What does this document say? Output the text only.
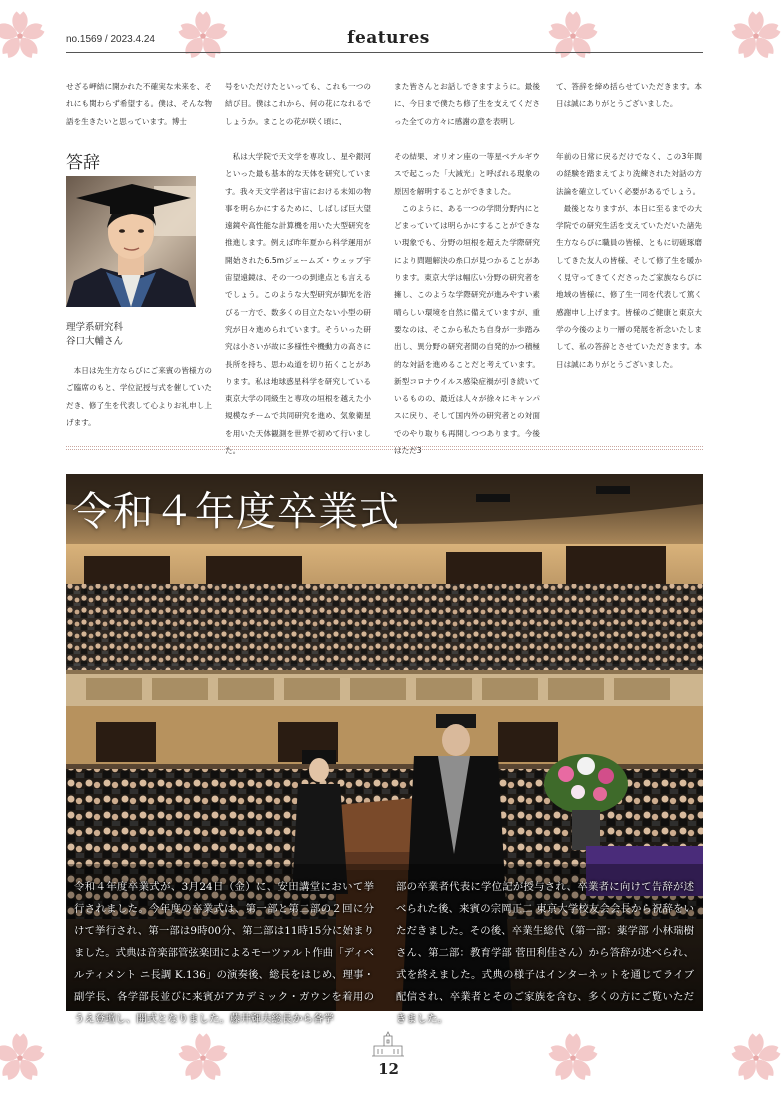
no.1569 / 2023.4.24	features

せざる岬結に開かれた不確実な未来を、それにも関わらず希望する。僕は、そんな物語を生きたいと思っています。博士

号をいただけたといっても、これも一つの結び目。僕はこれから、何の花になれるでしょうか。まことの花が咲く頃に、

また皆さんとお話しできますように。最後に、今日まで僕たち修了生を支えてくださった全ての方々に感謝の意を表明し

て、答辞を締め括らせていただきます。本日は誠にありがとうございました。

答辞
理学系研究科
谷口大輔さん

本日は先生方ならびにご来賓の皆様方のご臨席のもと、学位記授与式を催していただき、修了生を代表して心よりお礼申し上げます。

私は大学院で天文学を専攻し、星や銀河といった最も基本的な天体を研究しています。我々天文学者は宇宙における未知の物事を明らかにするために、しばしば巨大望遠鏡や高性能な計算機を用いた大型研究を推進します。例えば昨年夏から科学運用が開始された6.5mジェームズ・ウェッブ宇宙望遠鏡は、その一つの到達点とも言えるでしょう。このような大型研究が脚光を浴びる一方で、数多くの目立たない小型の研究が日々進められています。そういった研究は小さいが故に多様性や機動力の高さに長所を持ち、思わぬ道を切り拓くことがあります。私は地球惑星科学を研究している東京大学の同級生と専攻の垣根を越えた小規模なチームで共同研究を進め、気象衛星を用いた天体観測を世界で初めて行いました。

その結果、オリオン座の一等星ベテルギウスで起こった「大減光」と呼ばれる現象の原因を解明することができました。

このように、ある一つの学問分野内にとどまっていては明らかにすることができない現象でも、分野の垣根を超えた学際研究により問題解決の糸口が見つかることがあります。東京大学は幅広い分野の研究者を擁し、このような学際研究が進みやすい素晴らしい環境を自然に備えていますが、重要なのは、そこから私たち自身が一歩踏み出し、異分野の研究者間の自発的かつ積極的な対話を進めることだと考えています。新型コロナウイルス感染症禍が引き続いているものの、最近は人々が徐々にキャンパスに戻り、そして国内外の研究者との対面でのやり取りも再開しつつあります。今後はただ3

年前の日常に戻るだけでなく、この3年間の経験を踏まえてより洗練された対話の方法論を確立していく必要があるでしょう。

最後となりますが、本日に至るまでの大学院での研究生活を支えていただいた諸先生方ならびに職員の皆様、ともに切磋琢磨してきた友人の皆様、そして修了生を暖かく見守ってきてくださったご家族ならびに地域の皆様に、修了生一同を代表して篤く感謝申し上げます。皆様のご健康と東京大学の今後のより一層の発展を祈念いたしまして、私の答辞とさせていただきます。本日は誠にありがとうございました。

令和４年度卒業式
令和４年度卒業式が、3月24日（金）に、安田講堂において挙行されました。今年度の卒業式は、第一部と第二部の２回に分けて挙行され、第一部は9時00分、第二部は11時15分に始まりました。式典は音楽部管弦楽団によるモーツァルト作曲「ディベルティメント ニ長調 K.136」の演奏後、総長をはじめ、理事・副学長、各学部長並びに来賓がアカデミック・ガウンを着用のうえ登壇し、開式となりました。藤井輝夫総長から各学
部の卒業者代表に学位記が授与され、卒業者に向けて告辞が述べられた後、来賓の宗岡正二 東京大学校友会会長から祝辞をいただきました。その後、卒業生総代（第一部：薬学部 小林瑞樹さん、第二部：教育学部 菅田利佳さん）から答辞が述べられ、式を終えました。式典の様子はインターネットを通じてライブ配信され、卒業者とそのご家族を含む、多くの方にご覧いただきました。
12
